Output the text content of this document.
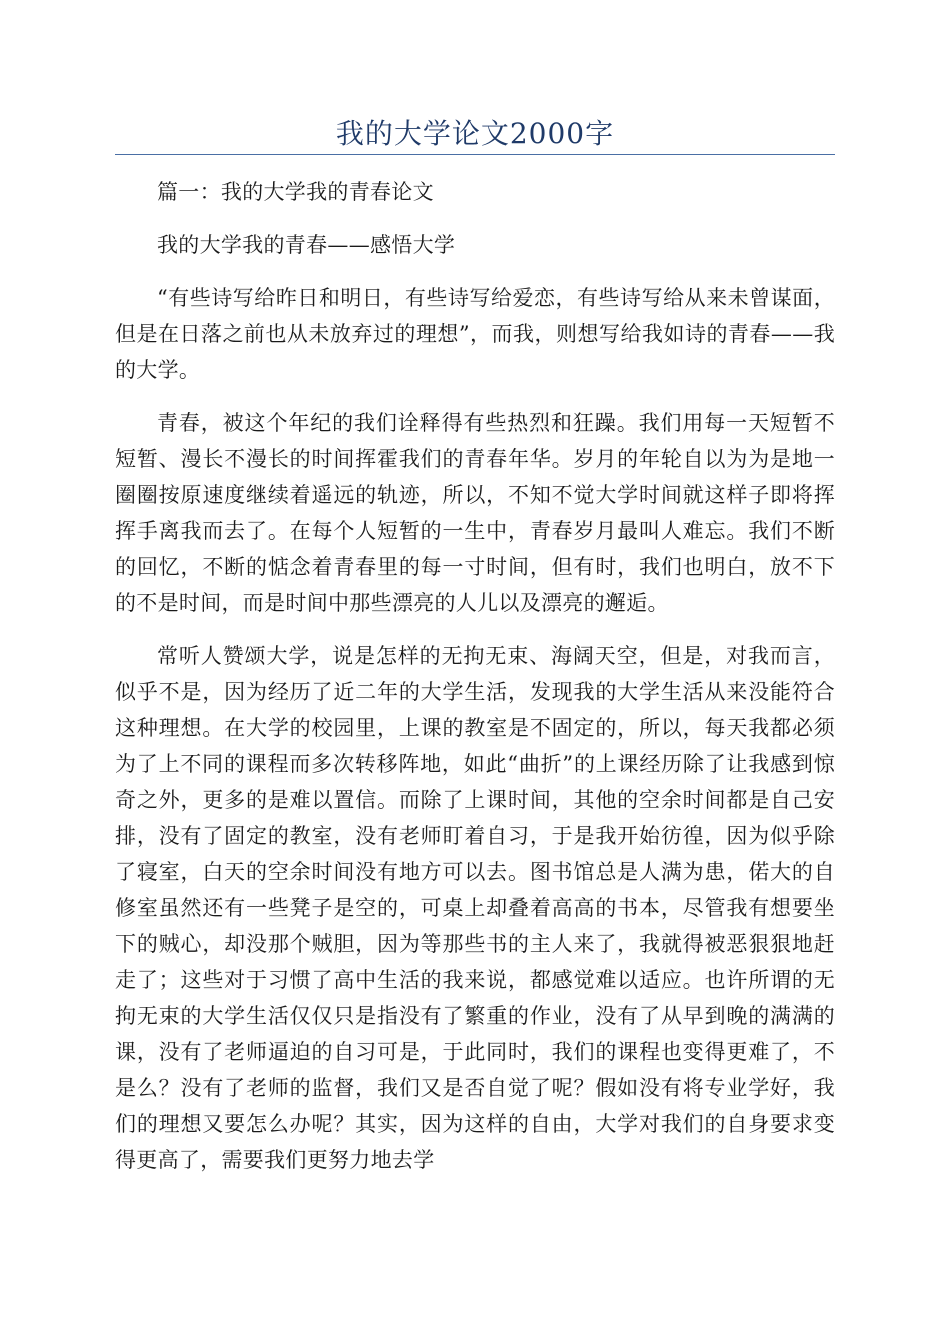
我的大学论文2000字

篇一：我的大学我的青春论文

我的大学我的青春——感悟大学

“有些诗写给昨日和明日，有些诗写给爱恋，有些诗写给从来未曾谋面，但是在日落之前也从未放弃过的理想”，而我，则想写给我如诗的青春——我的大学。

青春，被这个年纪的我们诠释得有些热烈和狂躁。我们用每一天短暂不短暂、漫长不漫长的时间挥霍我们的青春年华。岁月的年轮自以为为是地一圈圈按原速度继续着遥远的轨迹，所以，不知不觉大学时间就这样子即将挥挥手离我而去了。在每个人短暂的一生中，青春岁月最叫人难忘。我们不断的回忆，不断的惦念着青春里的每一寸时间，但有时，我们也明白，放不下的不是时间，而是时间中那些漂亮的人儿以及漂亮的邂逅。

常听人赞颂大学，说是怎样的无拘无束、海阔天空，但是，对我而言，似乎不是，因为经历了近二年的大学生活，发现我的大学生活从来没能符合这种理想。在大学的校园里，上课的教室是不固定的，所以，每天我都必须为了上不同的课程而多次转移阵地，如此“曲折”的上课经历除了让我感到惊奇之外，更多的是难以置信。而除了上课时间，其他的空余时间都是自己安排，没有了固定的教室，没有老师盯着自习，于是我开始彷徨，因为似乎除了寝室，白天的空余时间没有地方可以去。图书馆总是人满为患，偌大的自修室虽然还有一些凳子是空的，可桌上却叠着高高的书本，尽管我有想要坐下的贼心，却没那个贼胆，因为等那些书的主人来了，我就得被恶狠狠地赶走了；这些对于习惯了高中生活的我来说，都感觉难以适应。也许所谓的无拘无束的大学生活仅仅只是指没有了繁重的作业，没有了从早到晚的满满的课，没有了老师逼迫的自习可是，于此同时，我们的课程也变得更难了，不是么？没有了老师的监督，我们又是否自觉了呢？假如没有将专业学好，我们的理想又要怎么办呢？其实，因为这样的自由，大学对我们的自身要求变得更高了，需要我们更努力地去学
